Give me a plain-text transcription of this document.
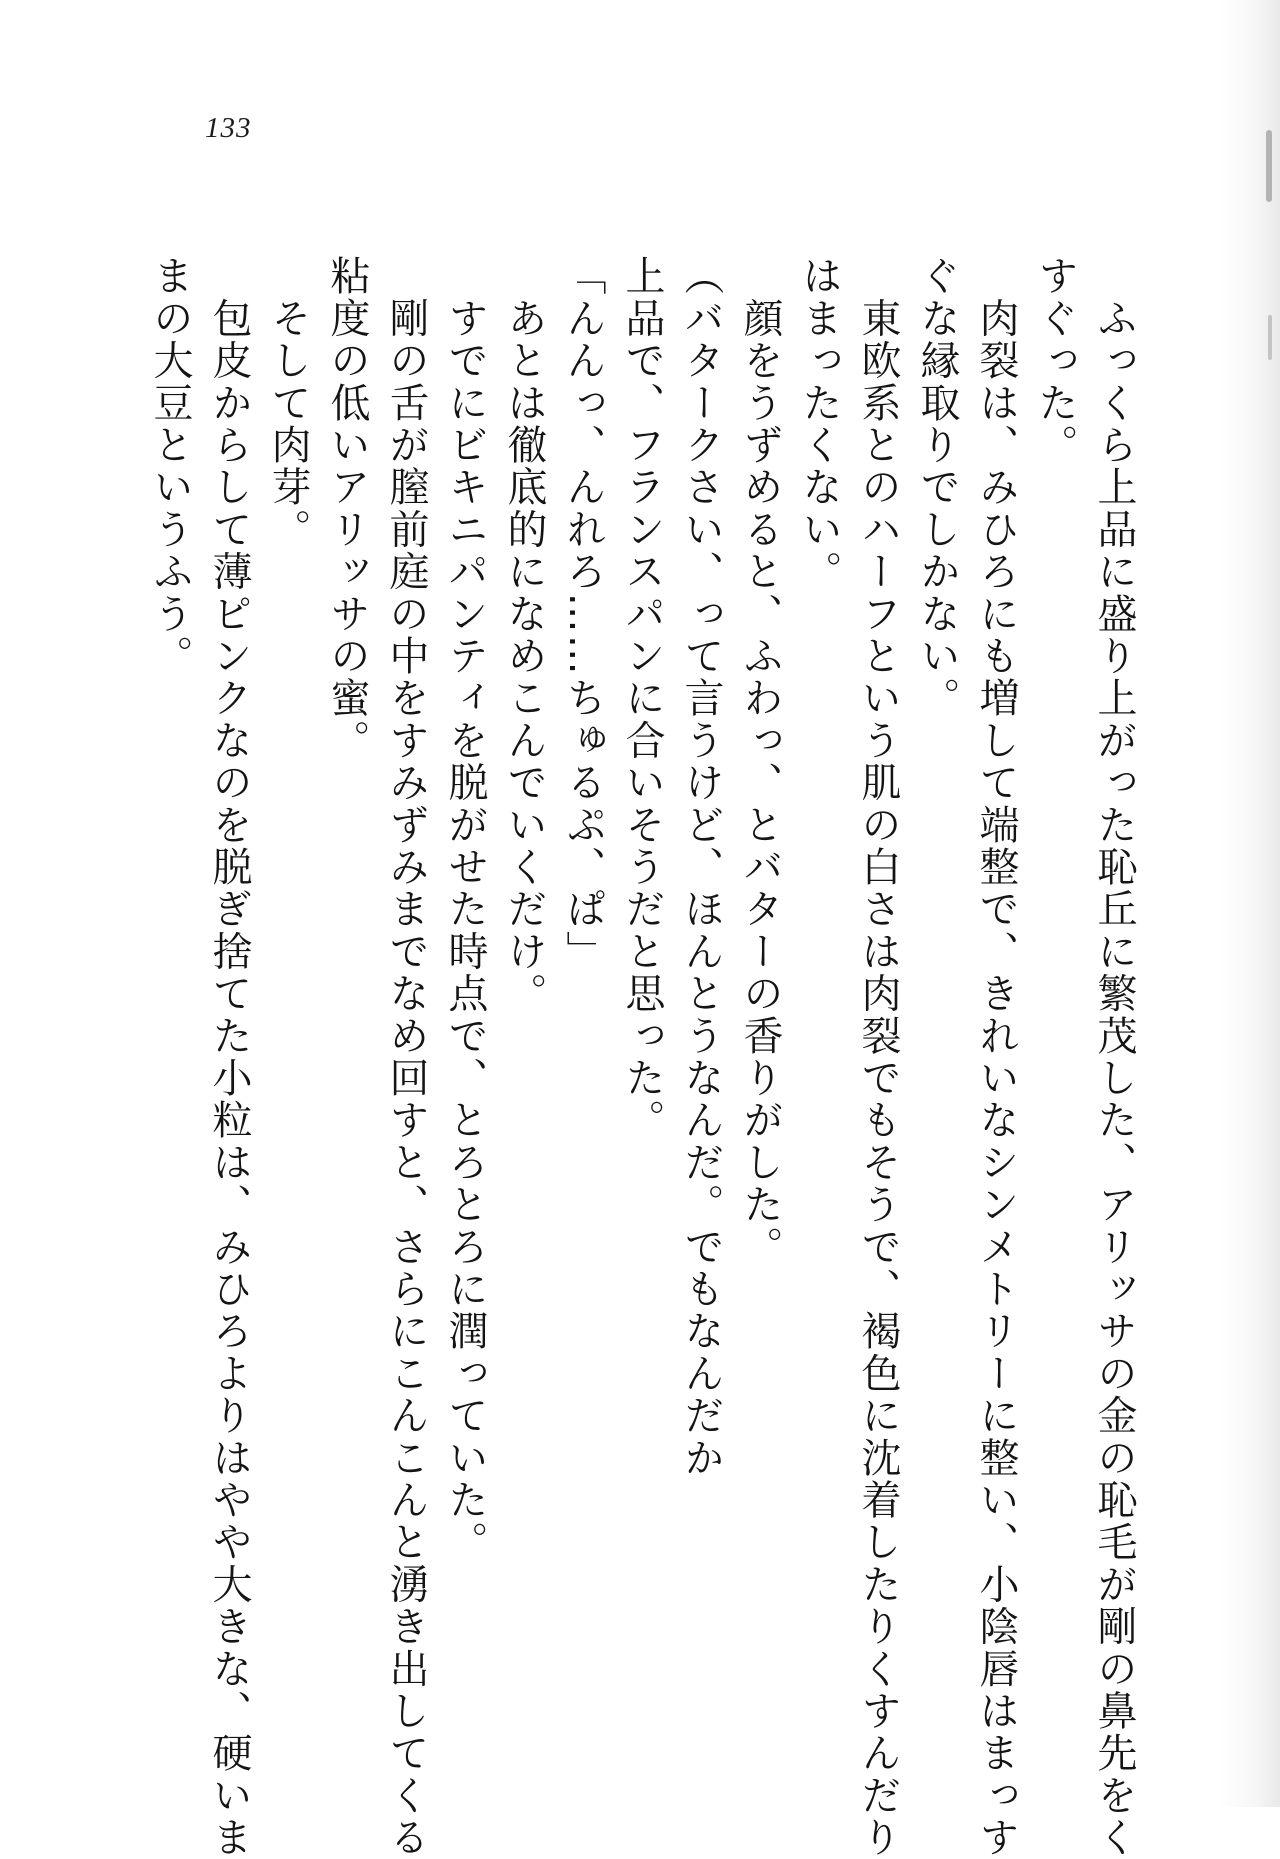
133

　ふっくら上品に盛り上がった恥丘に繁茂した、アリッサの金の恥毛が剛の鼻先をく

すぐった。

　肉裂は、みひろにも増して端整で、きれいなシンメトリーに整い、小陰唇はまっす

ぐな縁取りでしかない。

　東欧系とのハーフという肌の白さは肉裂でもそうで、褐色に沈着したりくすんだり

はまったくない。

　顔をうずめると、ふわっ、とバターの香りがした。

（バタークさい、って言うけど、ほんとうなんだ。でもなんだか

上品で、フランスパンに合いそうだと思った。

「んんっ、んれろ……ちゅるぷ、ぱ」

　あとは徹底的になめこんでいくだけ。

　すでにビキニパンティを脱がせた時点で、とろとろに潤っていた。

　剛の舌が膣前庭の中をすみずみまでなめ回すと、さらにこんこんと湧き出してくる

粘度の低いアリッサの蜜。

　そして肉芽。

　包皮からして薄ピンクなのを脱ぎ捨てた小粒は、みひろよりはやや大きな、硬いま

まの大豆というふう。
